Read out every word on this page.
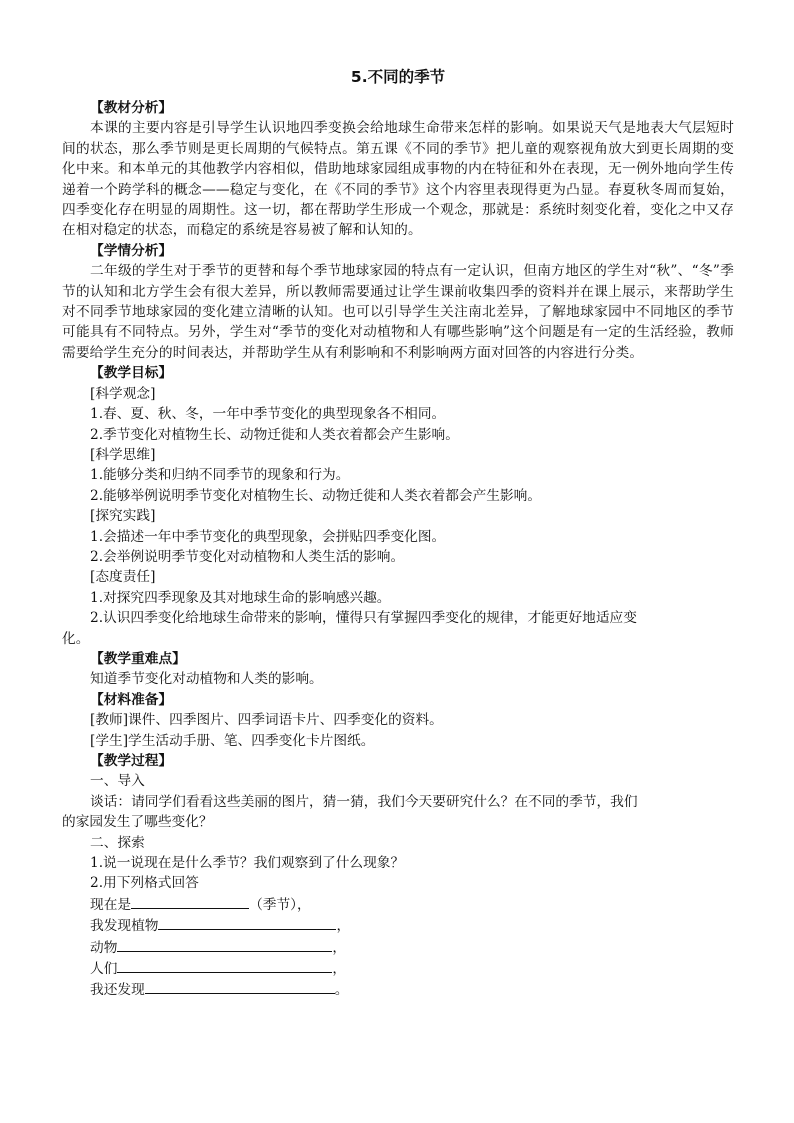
5.不同的季节
【教材分析】
本课的主要内容是引导学生认识地四季变换会给地球生命带来怎样的影响。如果说天气是地表大气层短时间的状态，那么季节则是更长周期的气候特点。第五课《不同的季节》把儿童的观察视角放大到更长周期的变化中来。和本单元的其他教学内容相似，借助地球家园组成事物的内在特征和外在表现，无一例外地向学生传递着一个跨学科的概念——稳定与变化，在《不同的季节》这个内容里表现得更为凸显。春夏秋冬周而复始，四季变化存在明显的周期性。这一切，都在帮助学生形成一个观念，那就是：系统时刻变化着，变化之中又存在相对稳定的状态，而稳定的系统是容易被了解和认知的。
【学情分析】
二年级的学生对于季节的更替和每个季节地球家园的特点有一定认识，但南方地区的学生对“秋”、“冬”季节的认知和北方学生会有很大差异，所以教师需要通过让学生课前收集四季的资料并在课上展示，来帮助学生对不同季节地球家园的变化建立清晰的认知。也可以引导学生关注南北差异，了解地球家园中不同地区的季节可能具有不同特点。另外，学生对“季节的变化对动植物和人有哪些影响”这个问题是有一定的生活经验，教师需要给学生充分的时间表达，并帮助学生从有利影响和不利影响两方面对回答的内容进行分类。
【教学目标】
[科学观念]
1.春、夏、秋、冬，一年中季节变化的典型现象各不相同。
2.季节变化对植物生长、动物迁徙和人类衣着都会产生影响。
[科学思维]
1.能够分类和归纳不同季节的现象和行为。
2.能够举例说明季节变化对植物生长、动物迁徙和人类衣着都会产生影响。
[探究实践]
1.会描述一年中季节变化的典型现象，会拼贴四季变化图。
2.会举例说明季节变化对动植物和人类生活的影响。
[态度责任]
1.对探究四季现象及其对地球生命的影响感兴趣。
2.认识四季变化给地球生命带来的影响，懂得只有掌握四季变化的规律，才能更好地适应变
化。
【教学重难点】
知道季节变化对动植物和人类的影响。
【材料准备】
[教师]课件、四季图片、四季词语卡片、四季变化的资料。
[学生]学生活动手册、笔、四季变化卡片图纸。
【教学过程】
一、导入
谈话：请同学们看看这些美丽的图片，猜一猜，我们今天要研究什么？在不同的季节，我们
的家园发生了哪些变化？
二、探索
1.说一说现在是什么季节？我们观察到了什么现象？
2.用下列格式回答
现在是	（季节），
我发现植物	，
动物	，
人们	，
我还发现	。
